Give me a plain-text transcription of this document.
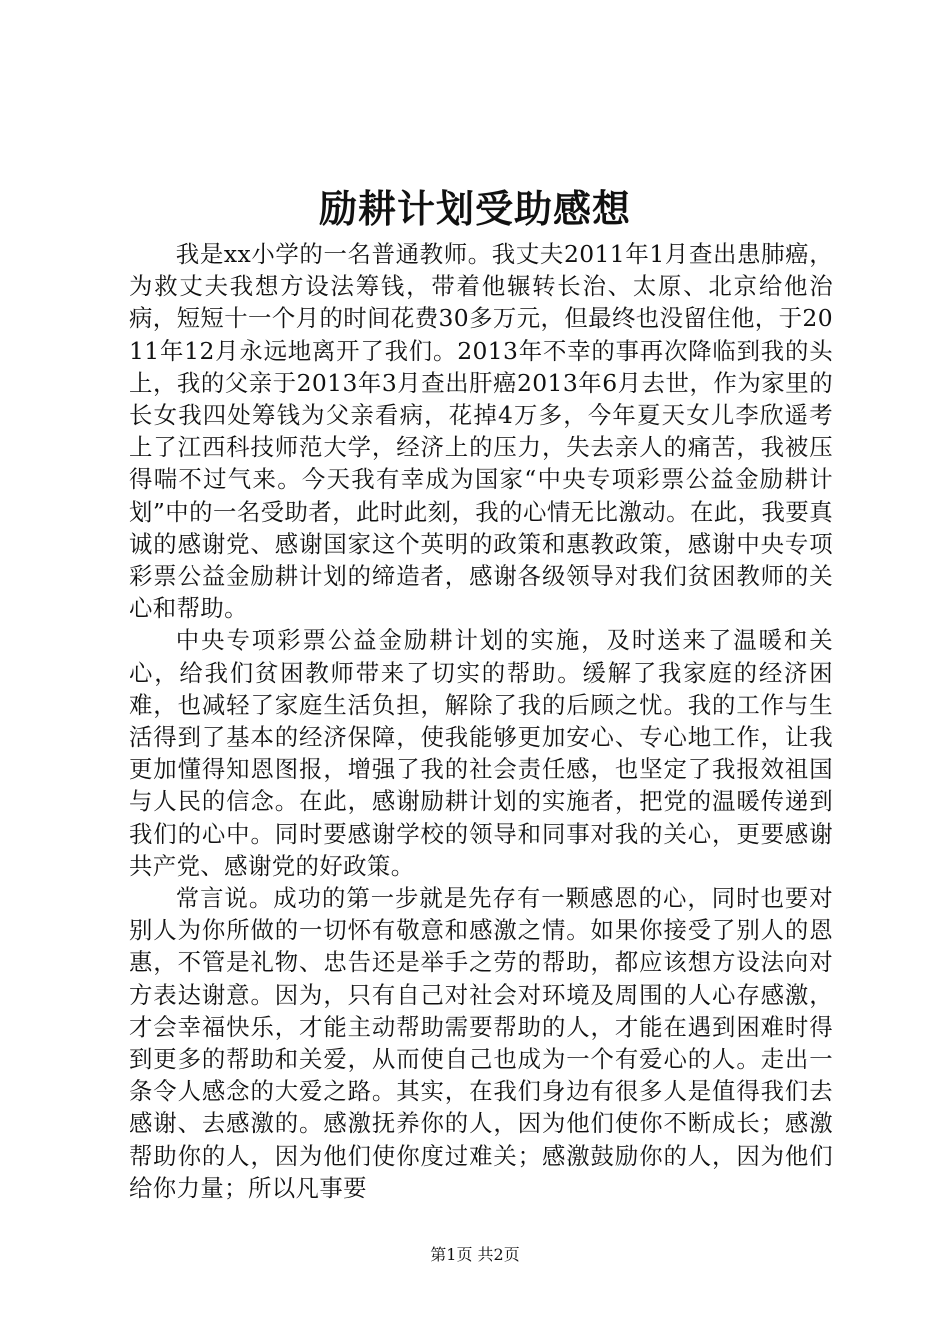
励耕计划受助感想

我是xx小学的一名普通教师。我丈夫2011年1月查出患肺癌，为救丈夫我想方设法筹钱，带着他辗转长治、太原、北京给他治病，短短十一个月的时间花费30多万元，但最终也没留住他，于2011年12月永远地离开了我们。2013年不幸的事再次降临到我的头上，我的父亲于2013年3月查出肝癌2013年6月去世，作为家里的长女我四处筹钱为父亲看病，花掉4万多，今年夏天女儿李欣遥考上了江西科技师范大学，经济上的压力，失去亲人的痛苦，我被压得喘不过气来。今天我有幸成为国家“中央专项彩票公益金励耕计划”中的一名受助者，此时此刻，我的心情无比激动。在此，我要真诚的感谢党、感谢国家这个英明的政策和惠教政策，感谢中央专项彩票公益金励耕计划的缔造者，感谢各级领导对我们贫困教师的关心和帮助。

中央专项彩票公益金励耕计划的实施，及时送来了温暖和关心，给我们贫困教师带来了切实的帮助。缓解了我家庭的经济困难，也减轻了家庭生活负担，解除了我的后顾之忧。我的工作与生活得到了基本的经济保障，使我能够更加安心、专心地工作，让我更加懂得知恩图报，增强了我的社会责任感，也坚定了我报效祖国与人民的信念。在此，感谢励耕计划的实施者，把党的温暖传递到我们的心中。同时要感谢学校的领导和同事对我的关心，更要感谢共产党、感谢党的好政策。

常言说。成功的第一步就是先存有一颗感恩的心，同时也要对别人为你所做的一切怀有敬意和感激之情。如果你接受了别人的恩惠，不管是礼物、忠告还是举手之劳的帮助，都应该想方设法向对方表达谢意。因为，只有自己对社会对环境及周围的人心存感激，才会幸福快乐，才能主动帮助需要帮助的人，才能在遇到困难时得到更多的帮助和关爱，从而使自己也成为一个有爱心的人。走出一条令人感念的大爱之路。其实，在我们身边有很多人是值得我们去感谢、去感激的。感激抚养你的人，因为他们使你不断成长；感激帮助你的人，因为他们使你度过难关；感激鼓励你的人，因为他们给你力量；所以凡事要

第1页 共2页
